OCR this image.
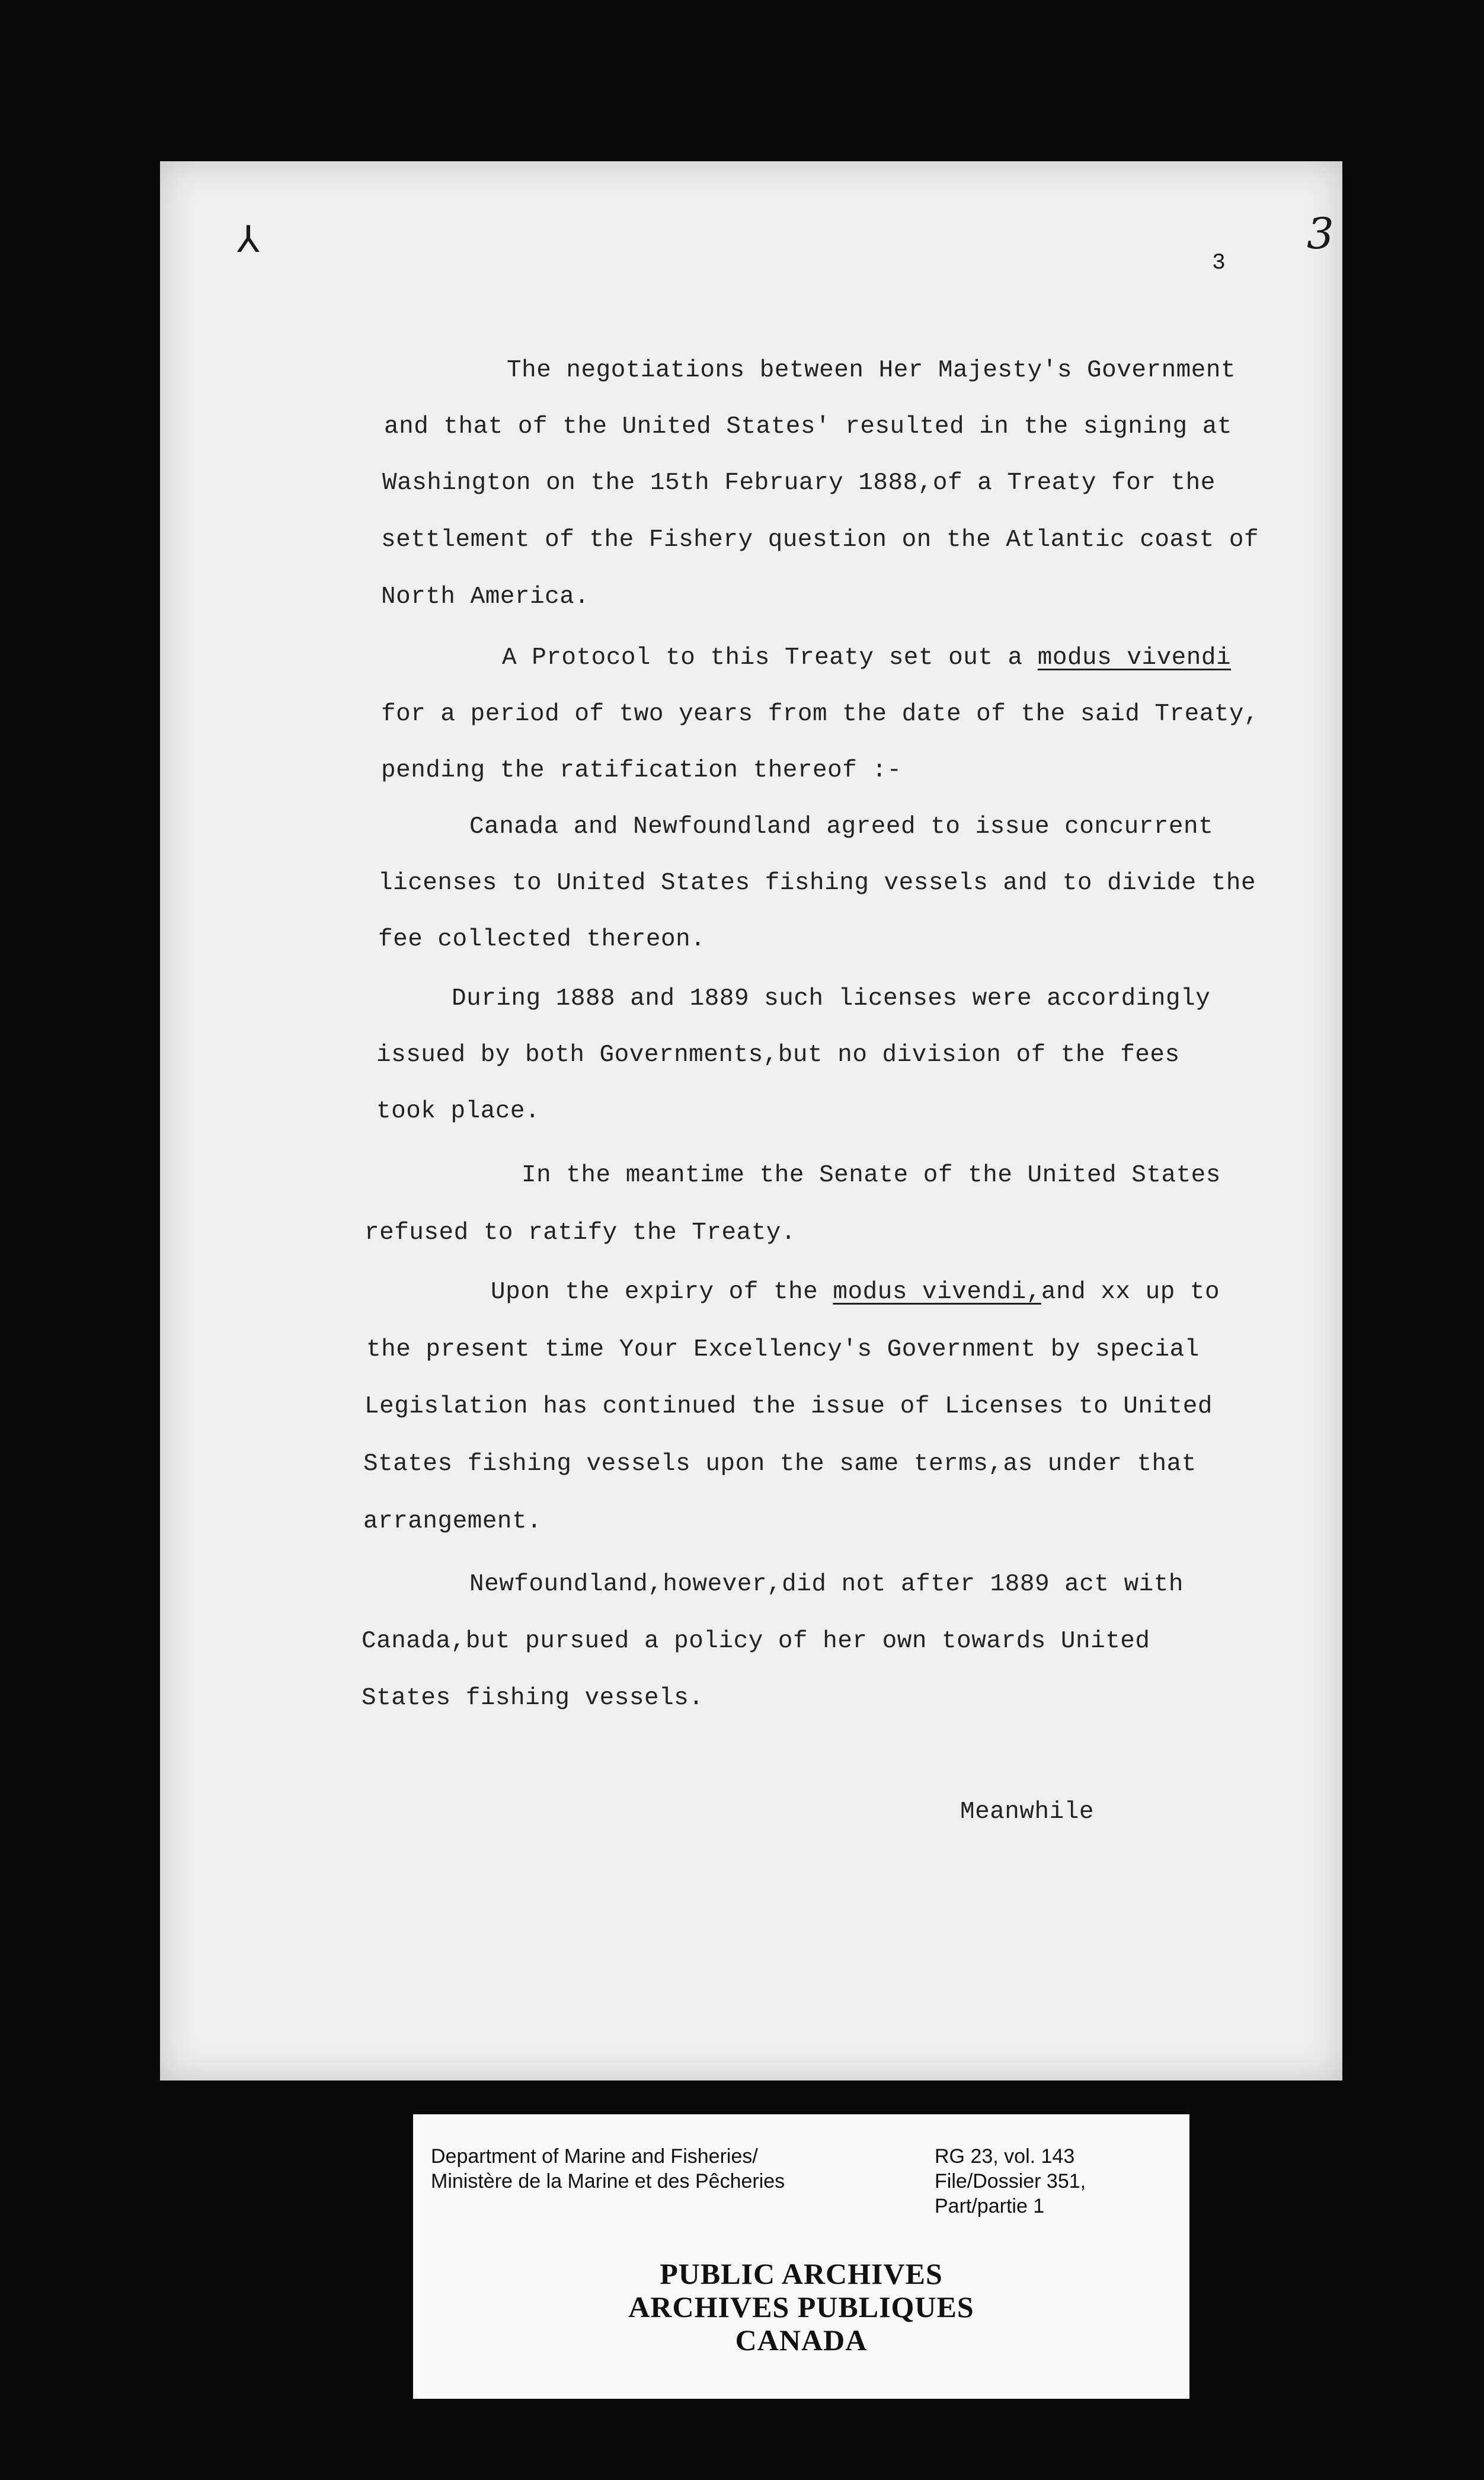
⅄	3
3
The negotiations between Her Majesty's Government
and that of the United States' resulted in the signing at
Washington on the 15th February 1888,of a Treaty for the
settlement of the Fishery question on the Atlantic coast of
North America.
A Protocol to this Treaty set out a modus vivendi
for a period of two years from the date of the said Treaty,
pending the ratification thereof :-
Canada and Newfoundland agreed to issue concurrent
licenses to United States fishing vessels and to divide the
fee collected thereon.
During 1888 and 1889 such licenses were accordingly
issued by both Governments,but no division of the fees
took place.
In the meantime the Senate of the United States
refused to ratify the Treaty.
Upon the expiry of the modus vivendi,and xx up to
the present time Your Excellency's Government by special
Legislation has continued the issue of Licenses to United
States fishing vessels upon the same terms,as under that
arrangement.
Newfoundland,however,did not after 1889 act with
Canada,but pursued a policy of her own towards United
States fishing vessels.
Meanwhile
Department of Marine and Fisheries/
Ministère de la Marine et des Pêcheries
RG 23, vol. 143
File/Dossier 351,
Part/partie 1
PUBLIC ARCHIVES
ARCHIVES PUBLIQUES
CANADA
